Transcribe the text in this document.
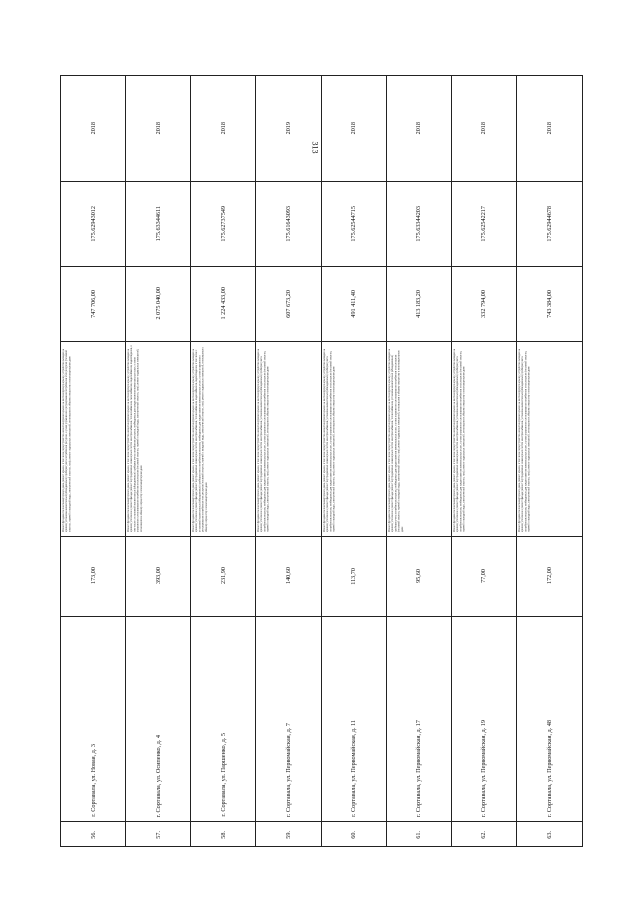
313
2018
175.62943012
747 706,00
Ремонт фундамента многоквартирного дома, ремонт крыши, в том числе переустройство невентилируемой крыши на вентилируемую крышу, устройство выходов на кровлю; установка коллективных (общедомовых) приборов учета потребления ресурсов, и узлов управления и регулирования потребления этих ресурсов (тепловой энергии, горячей и холодной воды, электрической энергии, газа); ремонт подвальных помещений, относящихся к общему имуществу в многоквартирном доме
173,00
г. Сортавала, ул. Новая, д. 3
56.
2018
175.63344611
2 075 040,00
Ремонт фундамента многоквартирного дома, ремонт крыши, в том числе переустройство невентилируемой крыши на вентилируемую крышу, устройство выходов на кровлю; утепление и ремонт фасада; ремонт внутридомовых инженерных систем электроснабжения, теплоснабжения, газоснабжения, водоснабжения, водоотведения, в том числе с установкой коллективных (общедомовых) приборов учета потребления ресурсов, необходимых для предоставления коммунальных услуг, и узлов управления и регулирования потребления этих ресурсов (тепловой энергии, горячей и холодной воды, электрической энергии, газа); ремонт подвальных помещений, относящихся к общему имуществу в многоквартирном доме
393,00
г. Сортавала, ул. Осипенко, д. 4
57.
2018
175.62737549
1 224 433,00
Ремонт фундамента многоквартирного дома, ремонт крыши, в том числе переустройство невентилируемой крыши на вентилируемую крышу, устройство выходов на кровлю; утепление и ремонт фасада; ремонт внутридомовых инженерных систем электроснабжения, теплоснабжения, водоснабжения, водоотведения, в том числе с установкой коллективных (общедомовых) приборов учета потребления ресурсов, необходимых для предоставления коммунальных услуг, и узлов управления и регулирования потребления этих ресурсов (тепловой энергии, горячей и холодной воды, электрической энергии, газа); ремонт подвальных помещений, относящихся к общему имуществу в многоквартирном доме
231,90
г. Сортавала, ул. Паршенко, д. 5
58.
2019
175.61643093
607 673,20
Ремонт фундамента многоквартирного дома, ремонт крыши, в том числе переустройство невентилируемой крыши на вентилируемую крышу, устройство выходов на кровлю; утепление и ремонт фасада; ремонт внутридомовых инженерных систем электроснабжения, установка коллективных (общедомовых) приборов учета потребления ресурсов, необходимых для предоставления коммунальных услуг, и узлов управления и регулирования потребления этих ресурсов (тепловой энергии, горячей и холодной воды, электрической энергии, газа); ремонт подвальных помещений, относящихся к общему имуществу в многоквартирном доме
140,60
г. Сортавала, ул. Первомайская, д. 7
59.
2018
175.62544715
491 411,40
Ремонт фундамента многоквартирного дома, ремонт крыши, в том числе переустройство невентилируемой крыши на вентилируемую крышу, устройство выходов на кровлю; утепление и ремонт фасада; ремонт внутридомовых инженерных систем электроснабжения, установка коллективных (общедомовых) приборов учета потребления ресурсов, необходимых для предоставления коммунальных услуг, и узлов управления и регулирования потребления этих ресурсов (тепловой энергии, горячей и холодной воды, электрической энергии, газа); ремонт подвальных помещений, относящихся к общему имуществу в многоквартирном доме
113,70
г. Сортавала, ул. Первомайская, д. 11
60.
2018
175.63344203
413 183,20
Ремонт фундамента многоквартирного дома, ремонт крыши, в том числе переустройство невентилируемой крыши на вентилируемую крышу, устройство выходов на кровлю; утепление и ремонт фасада; ремонт внутридомовых инженерных систем электроснабжения, теплоснабжения, установка коллективных (общедомовых) приборов учета потребления ресурсов, необходимых для предоставления коммунальных услуг, и узлов управления и регулирования потребления этих ресурсов (тепловой энергии, горячей и холодной воды, электрической энергии, газа); ремонт подвальных помещений, относящихся к общему имуществу в многоквартирном доме
95,60
г. Сортавала, ул. Первомайская, д. 17
61.
2018
175.62542217
332 794,00
Ремонт фундамента многоквартирного дома, ремонт крыши, в том числе переустройство невентилируемой крыши на вентилируемую крышу, устройство выходов на кровлю; утепление и ремонт фасада; ремонт внутридомовых инженерных систем электроснабжения, установка коллективных (общедомовых) приборов учета потребления ресурсов, необходимых для предоставления коммунальных услуг, и узлов управления и регулирования потребления этих ресурсов (тепловой энергии, горячей и холодной воды, электрической энергии, газа); ремонт подвальных помещений, относящихся к общему имуществу в многоквартирном доме
77,00
г. Сортавала, ул. Первомайская, д. 19
62.
2018
175.62944678
743 384,00
Ремонт фундамента многоквартирного дома, ремонт крыши, в том числе переустройство невентилируемой крыши на вентилируемую крышу, устройство выходов на кровлю; утепление и ремонт фасада; ремонт внутридомовых инженерных систем электроснабжения, установка коллективных (общедомовых) приборов учета потребления ресурсов, необходимых для предоставления коммунальных услуг, и узлов управления и регулирования потребления этих ресурсов (тепловой энергии, горячей и холодной воды, электрической энергии, газа); ремонт подвальных помещений, относящихся к общему имуществу в многоквартирном доме
172,00
г. Сортавала, ул. Первомайская, д. 48
63.
